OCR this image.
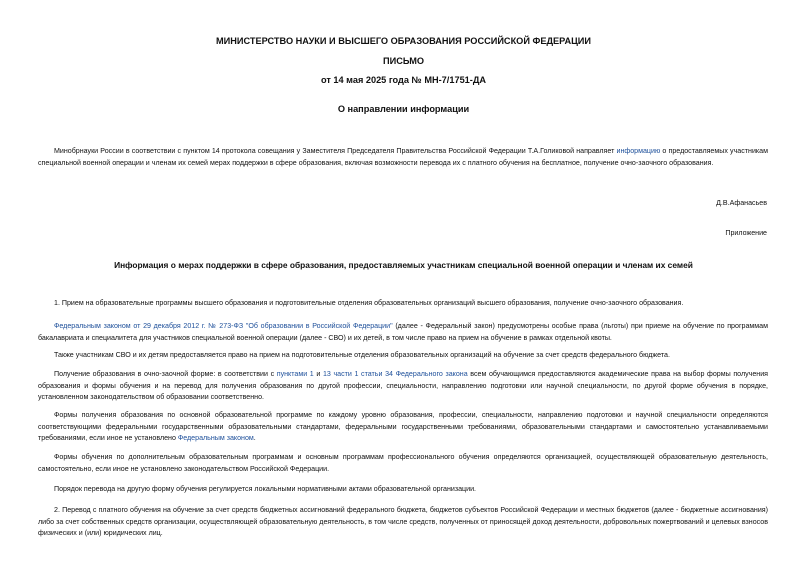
МИНИСТЕРСТВО НАУКИ И ВЫСШЕГО ОБРАЗОВАНИЯ РОССИЙСКОЙ ФЕДЕРАЦИИ
ПИСЬМО
от 14 мая 2025 года № МН-7/1751-ДА
О направлении информации

Минобрнауки России в соответствии с пунктом 14 протокола совещания у Заместителя Председателя Правительства Российской Федерации Т.А.Голиковой направляет информацию о предоставляемых участникам специальной военной операции и членам их семей мерах поддержки в сфере образования, включая возможности перевода их с платного обучения на бесплатное, получение очно-заочного образования.

Д.В.Афанасьев
Приложение
Информация о мерах поддержки в сфере образования, предоставляемых участникам специальной военной операции и членам их семей

1. Прием на образовательные программы высшего образования и подготовительные отделения образовательных организаций высшего образования, получение очно-заочного образования.

Федеральным законом от 29 декабря 2012 г. № 273-ФЗ "Об образовании в Российской Федерации" (далее - Федеральный закон) предусмотрены особые права (льготы) при приеме на обучение по программам бакалавриата и специалитета для участников специальной военной операции (далее - СВО) и их детей, в том числе право на прием на обучение в рамках отдельной квоты.

Также участникам СВО и их детям предоставляется право на прием на подготовительные отделения образовательных организаций на обучение за счет средств федерального бюджета.

Получение образования в очно-заочной форме: в соответствии с пунктами 1 и 13 части 1 статьи 34 Федерального закона всем обучающимся предоставляются академические права на выбор формы получения образования и формы обучения и на перевод для получения образования по другой профессии, специальности, направлению подготовки или научной специальности, по другой форме обучения в порядке, установленном законодательством об образовании соответственно.

Формы получения образования по основной образовательной программе по каждому уровню образования, профессии, специальности, направлению подготовки и научной специальности определяются соответствующими федеральными государственными образовательными стандартами, федеральными государственными требованиями, образовательными стандартами и самостоятельно устанавливаемыми требованиями, если иное не установлено Федеральным законом.

Формы обучения по дополнительным образовательным программам и основным программам профессионального обучения определяются организацией, осуществляющей образовательную деятельность, самостоятельно, если иное не установлено законодательством Российской Федерации.

Порядок перевода на другую форму обучения регулируется локальными нормативными актами образовательной организации.

2. Перевод с платного обучения на обучение за счет средств бюджетных ассигнований федерального бюджета, бюджетов субъектов Российской Федерации и местных бюджетов (далее - бюджетные ассигнования) либо за счет собственных средств организации, осуществляющей образовательную деятельность, в том числе средств, полученных от приносящей доход деятельности, добровольных пожертвований и целевых взносов физических и (или) юридических лиц.
